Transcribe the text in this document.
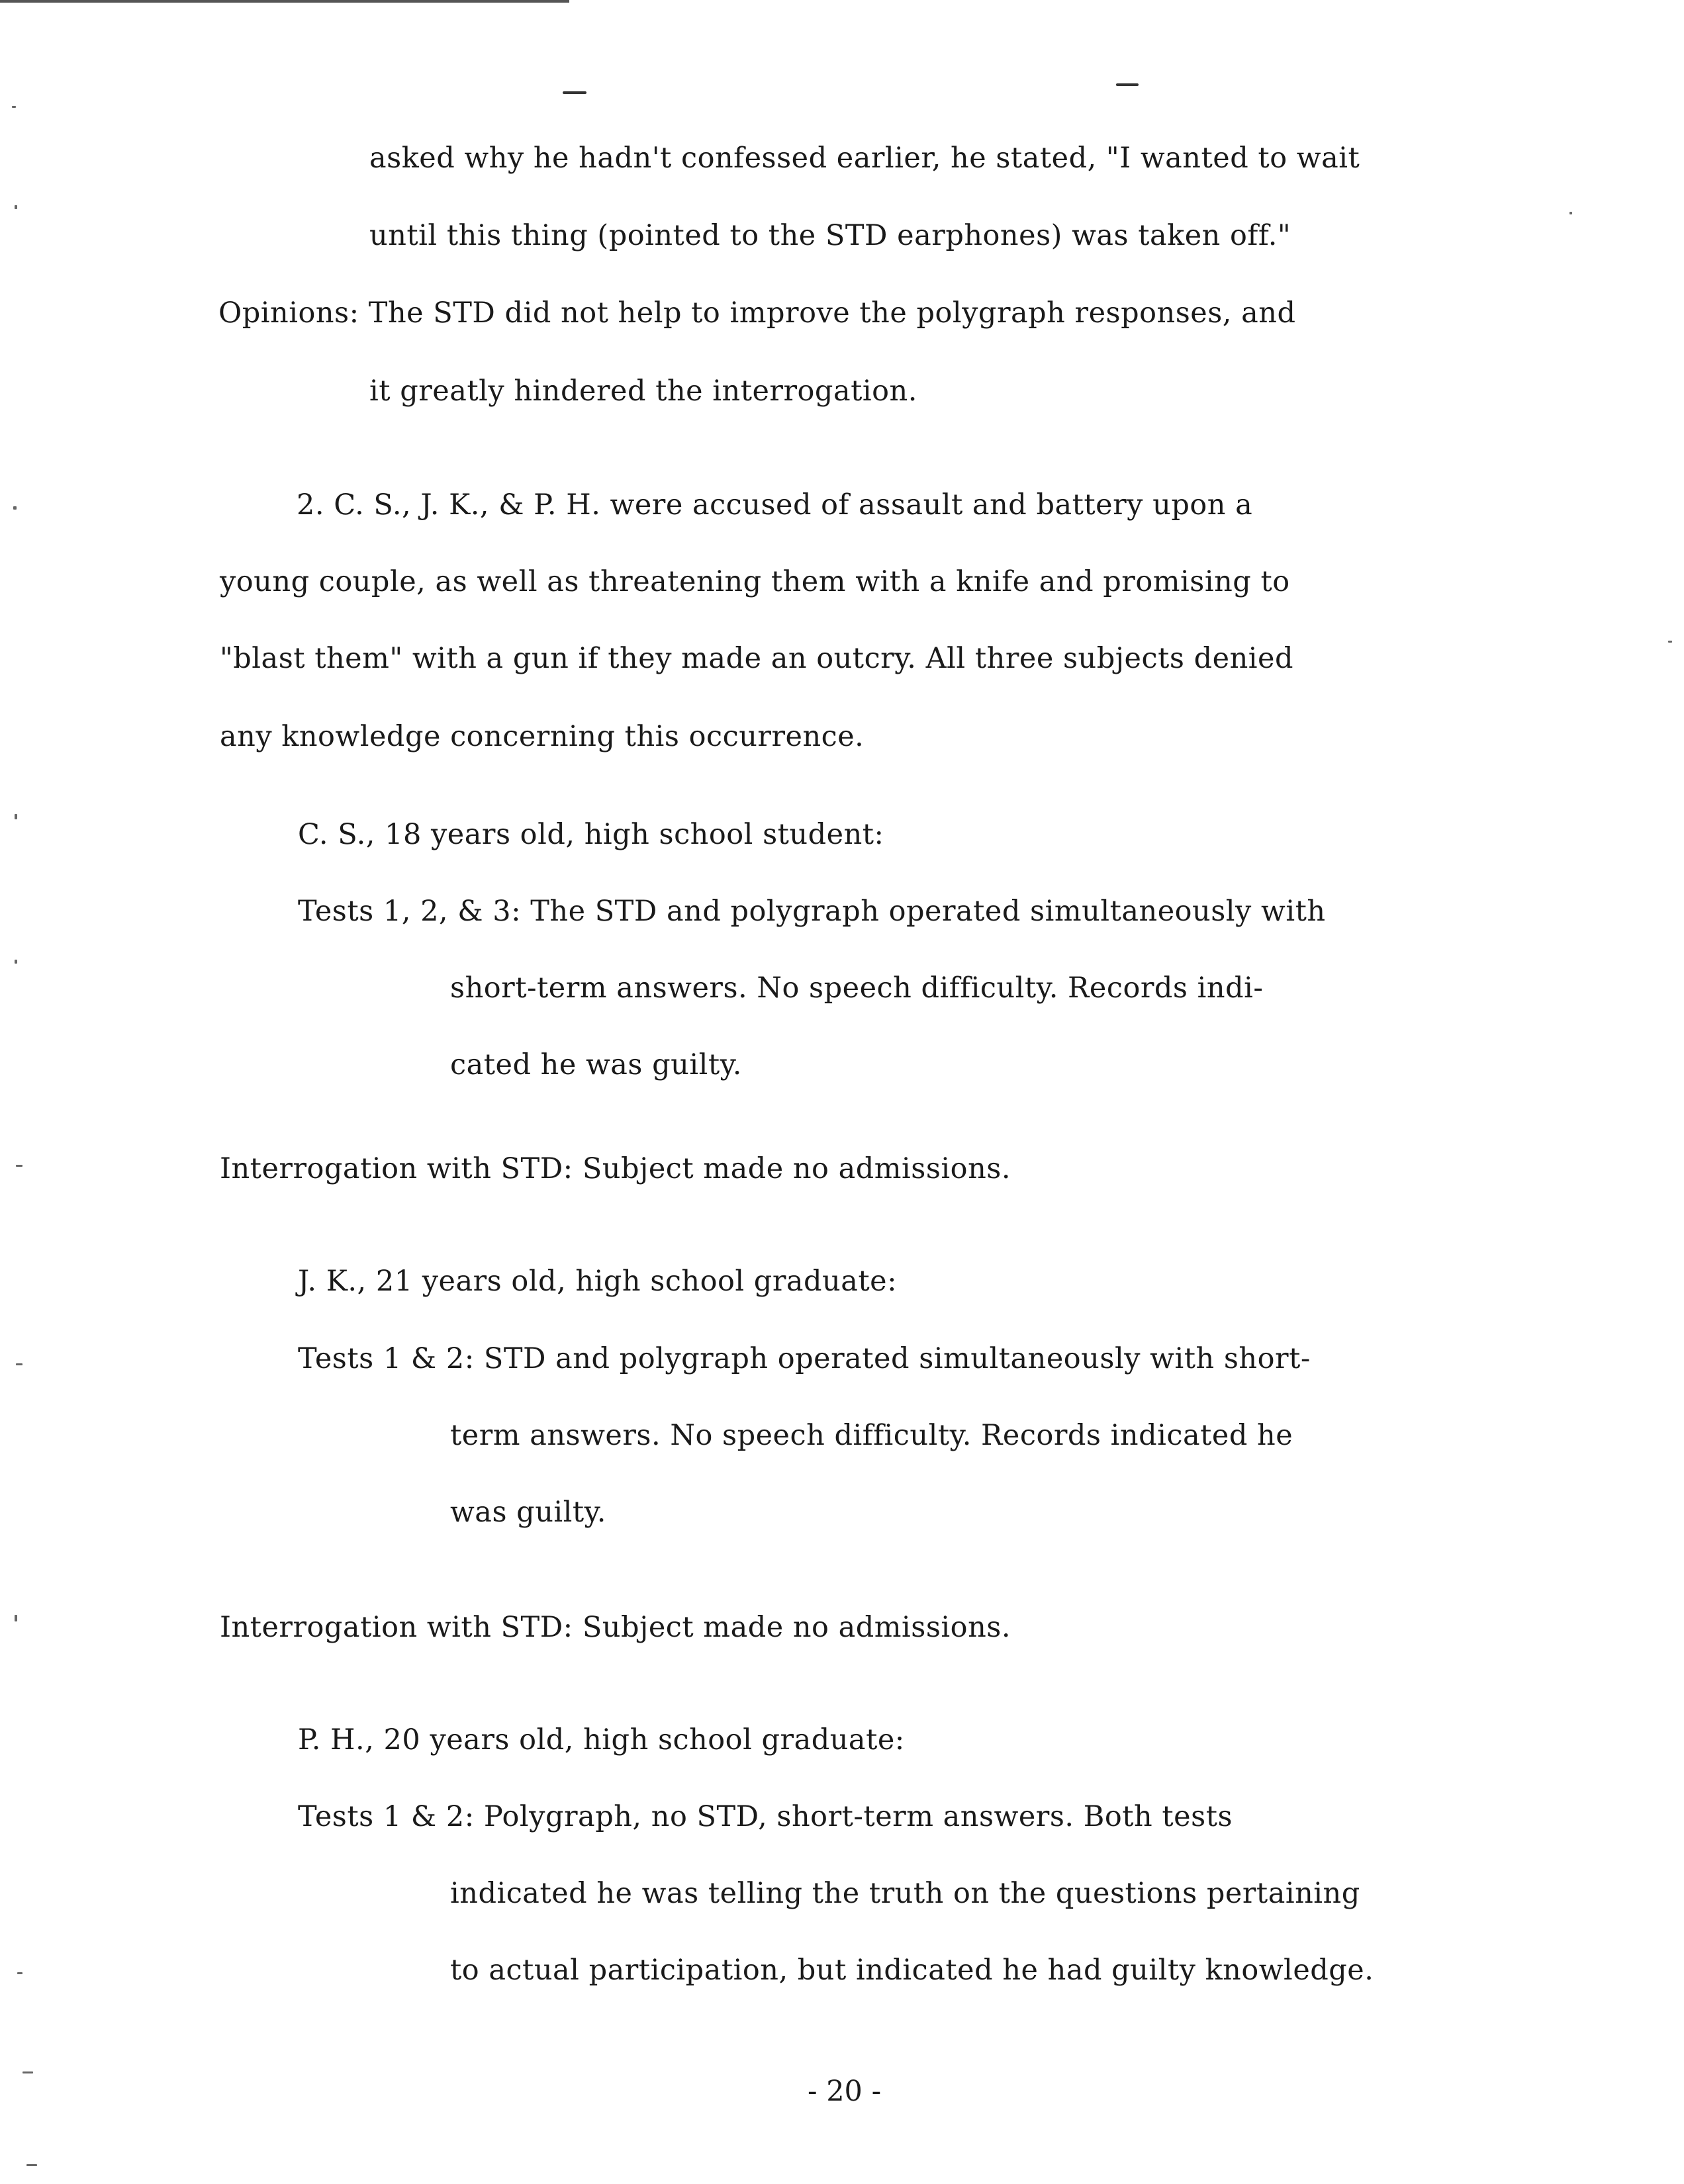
asked why he hadn't confessed earlier, he stated, "I wanted to wait
until this thing (pointed to the STD earphones) was taken off."
Opinions: The STD did not help to improve the polygraph responses, and
it greatly hindered the interrogation.
2. C. S., J. K., & P. H. were accused of assault and battery upon a
young couple, as well as threatening them with a knife and promising to
"blast them" with a gun if they made an outcry. All three subjects denied
any knowledge concerning this occurrence.
C. S., 18 years old, high school student:
Tests 1, 2, & 3: The STD and polygraph operated simultaneously with
short-term answers. No speech difficulty. Records indi-
cated he was guilty.
Interrogation with STD: Subject made no admissions.
J. K., 21 years old, high school graduate:
Tests 1 & 2: STD and polygraph operated simultaneously with short-
term answers. No speech difficulty. Records indicated he
was guilty.
Interrogation with STD: Subject made no admissions.
P. H., 20 years old, high school graduate:
Tests 1 & 2: Polygraph, no STD, short-term answers. Both tests
indicated he was telling the truth on the questions pertaining
to actual participation, but indicated he had guilty knowledge.
- 20 -
